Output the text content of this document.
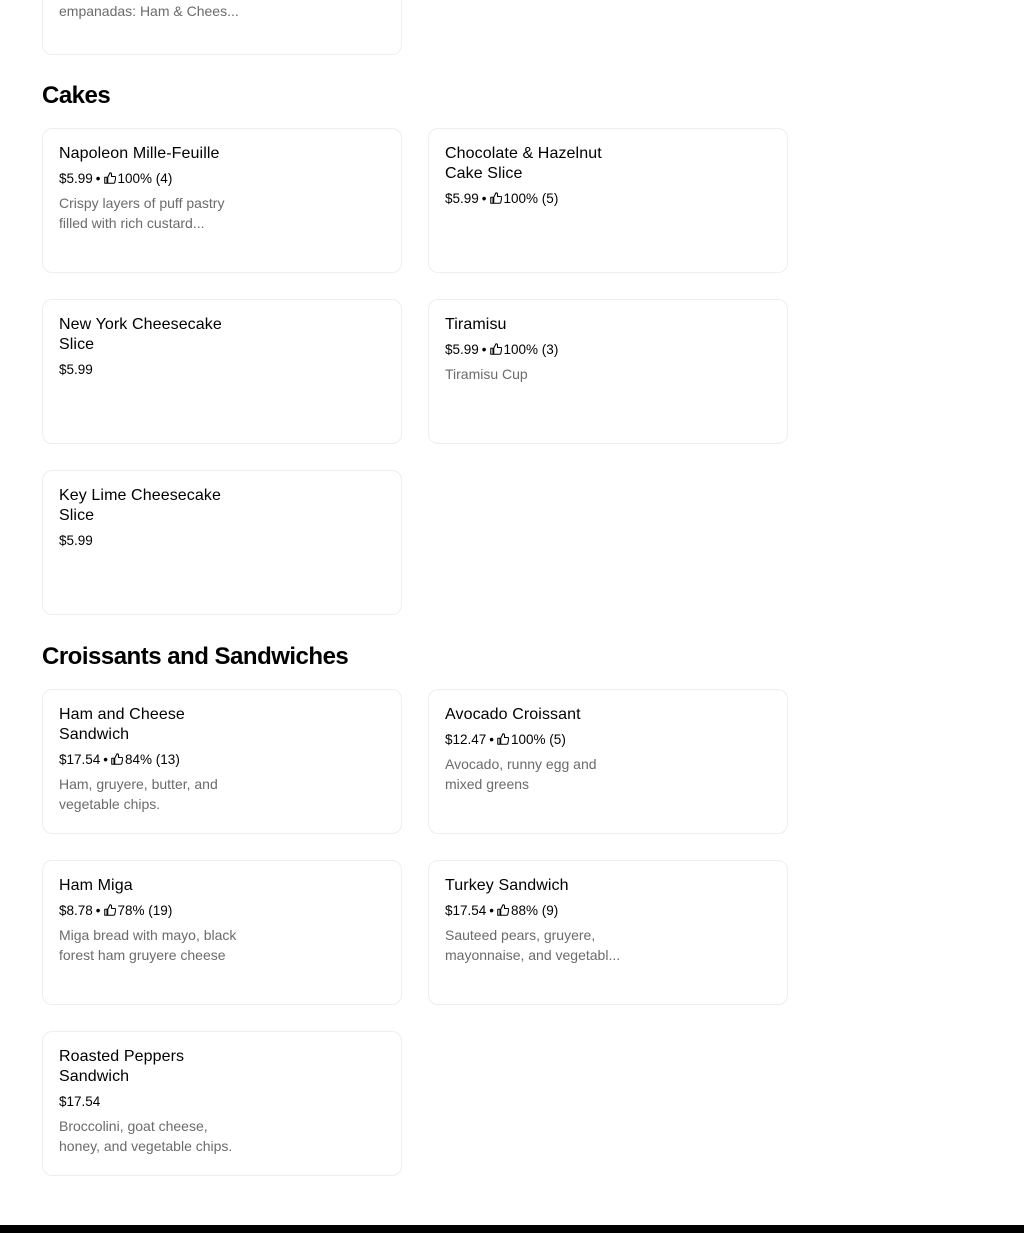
empanadas: Ham & Chees...
Cakes
Napoleon Mille-Feuille
$5.99 • 100% (4)
Crispy layers of puff pastry filled with rich custard...
Chocolate & Hazelnut Cake Slice
$5.99 • 100% (5)
New York Cheesecake Slice
$5.99
Tiramisu
$5.99 • 100% (3)
Tiramisu Cup
Key Lime Cheesecake Slice
$5.99
Croissants and Sandwiches
Ham and Cheese Sandwich
$17.54 • 84% (13)
Ham, gruyere, butter, and vegetable chips.
Avocado Croissant
$12.47 • 100% (5)
Avocado, runny egg and mixed greens
Ham Miga
$8.78 • 78% (19)
Miga bread with mayo, black forest ham gruyere cheese
Turkey Sandwich
$17.54 • 88% (9)
Sauteed pears, gruyere, mayonnaise, and vegetabl...
Roasted Peppers Sandwich
$17.54
Broccolini, goat cheese, honey, and vegetable chips.
